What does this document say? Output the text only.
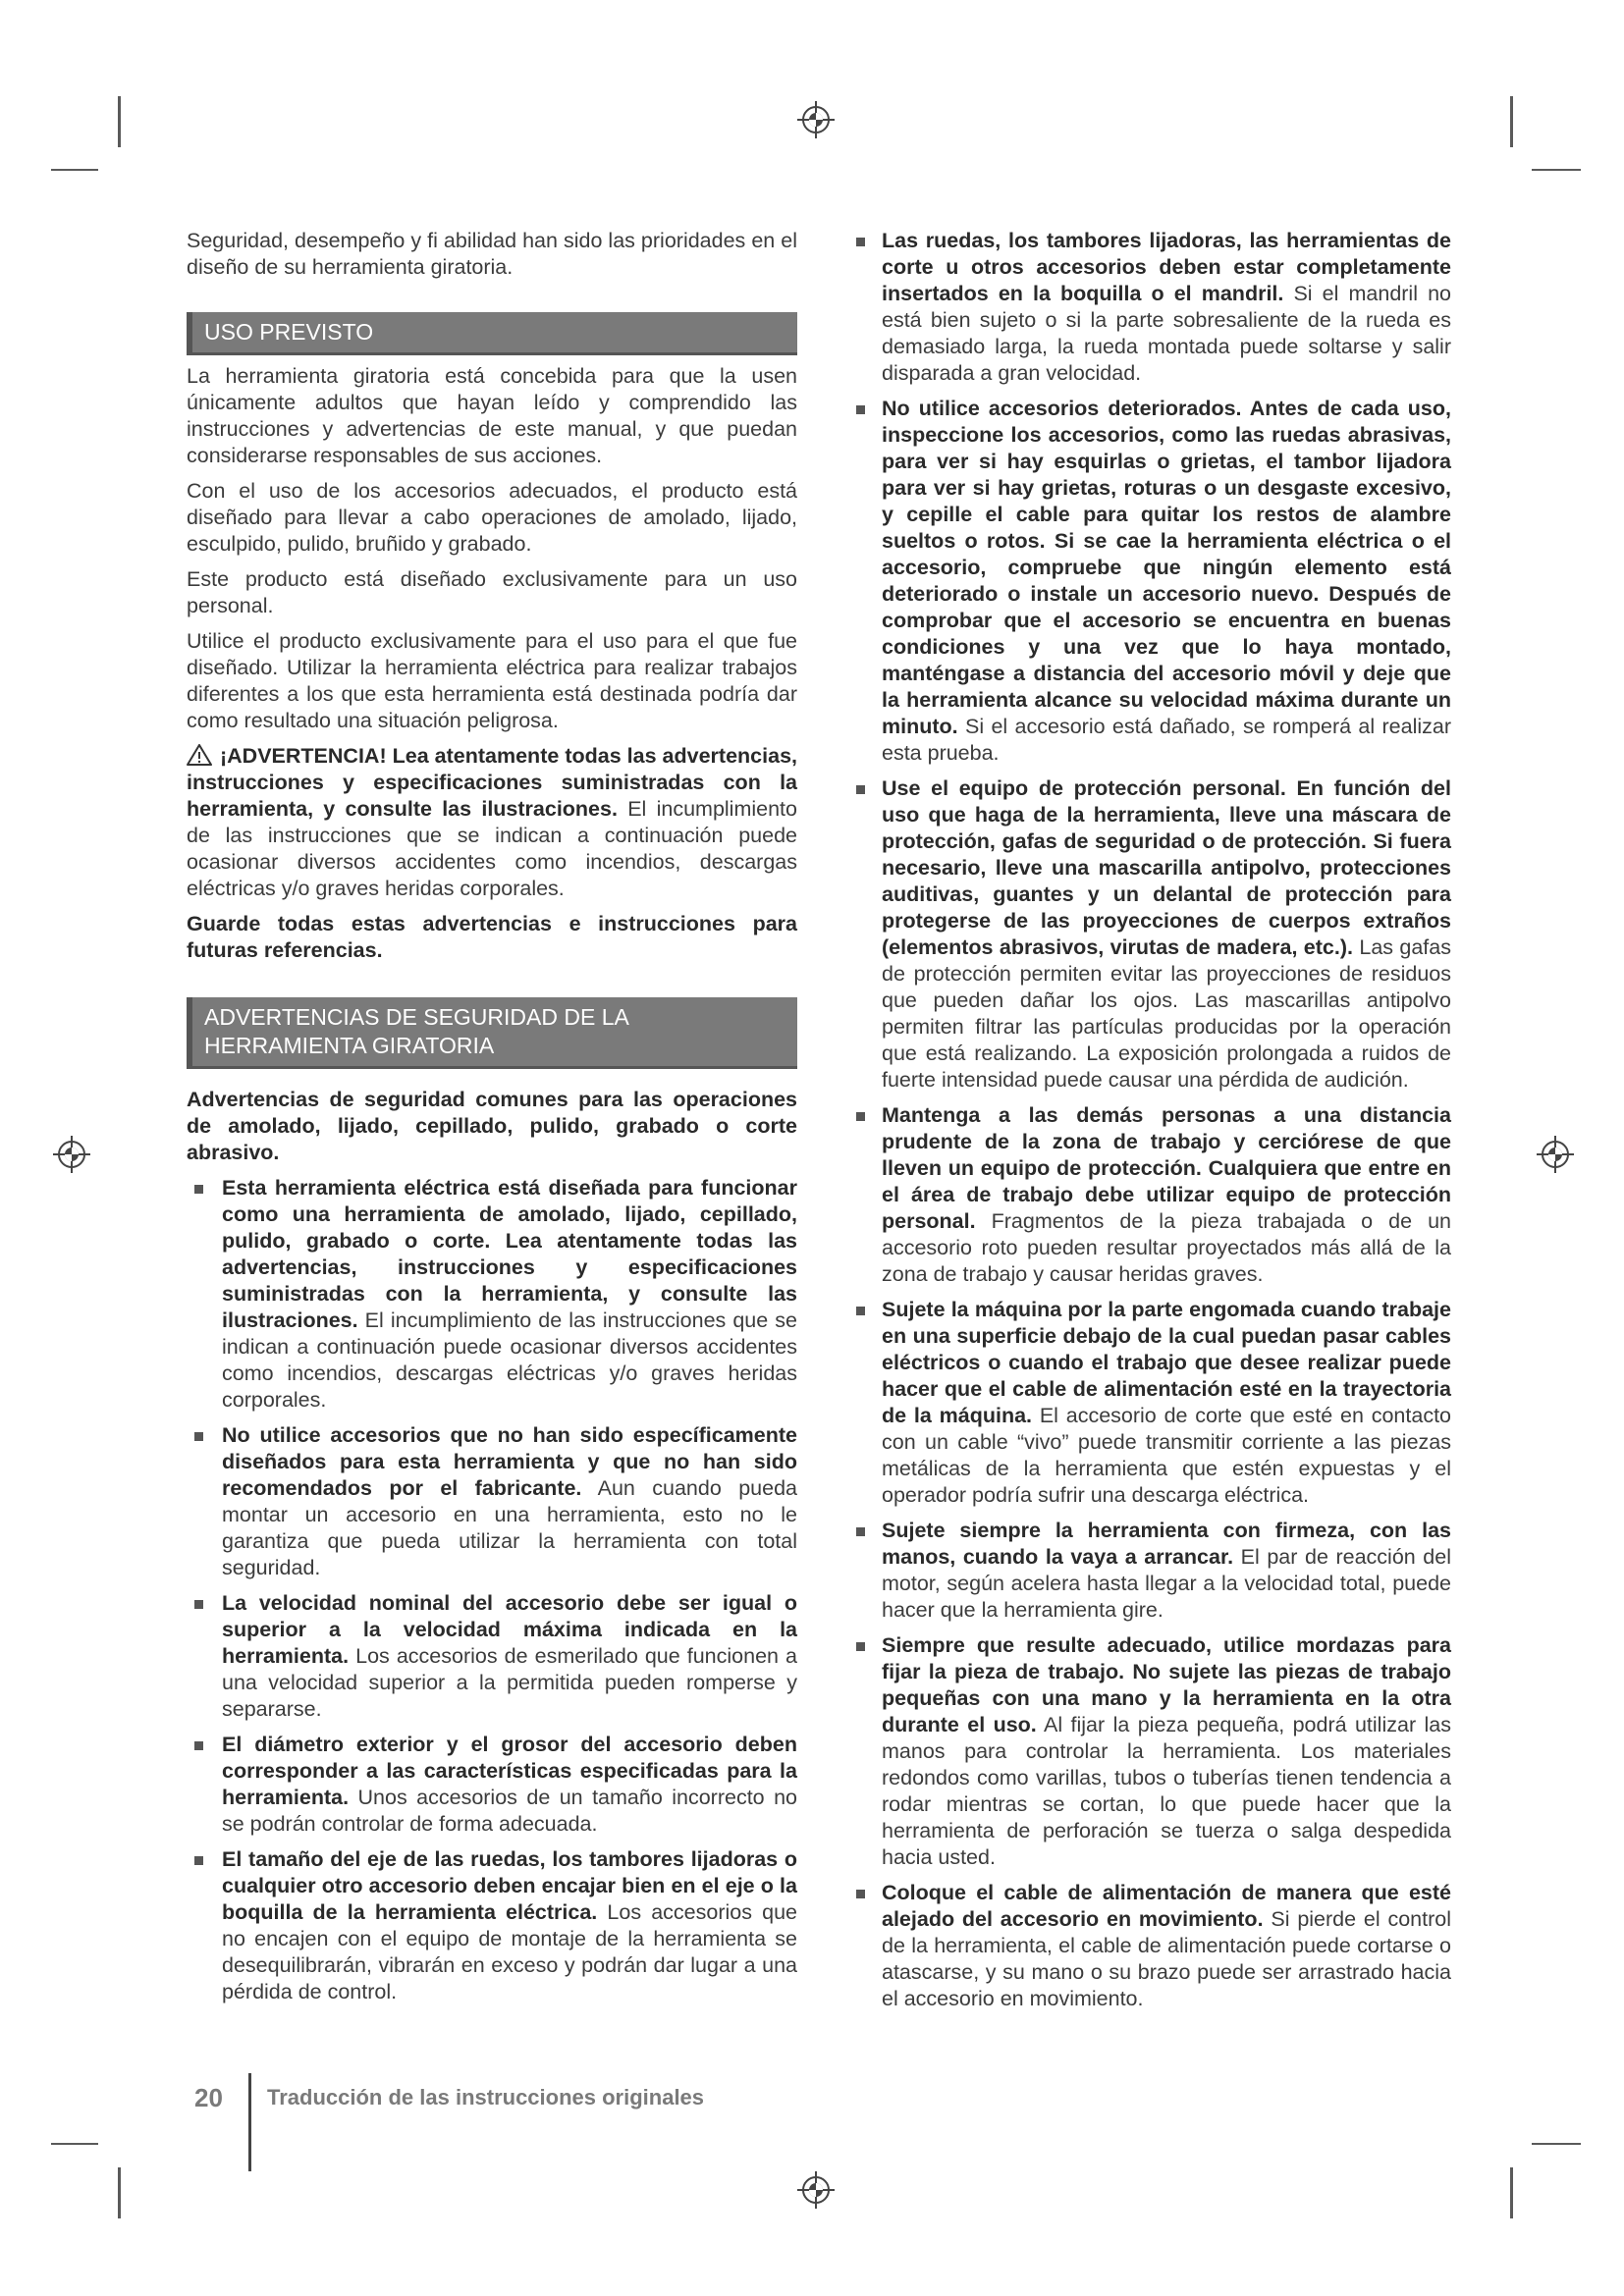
Seguridad, desempeño y fi abilidad han sido las prioridades en el diseño de su herramienta giratoria.

USO PREVISTO

La herramienta giratoria está concebida para que la usen únicamente adultos que hayan leído y comprendido las instrucciones y advertencias de este manual, y que puedan considerarse responsables de sus acciones.

Con el uso de los accesorios adecuados, el producto está diseñado para llevar a cabo operaciones de amolado, lijado, esculpido, pulido, bruñido y grabado.

Este producto está diseñado exclusivamente para un uso personal.

Utilice el producto exclusivamente para el uso para el que fue diseñado. Utilizar la herramienta eléctrica para realizar trabajos diferentes a los que esta herramienta está destinada podría dar como resultado una situación peligrosa.

¡ADVERTENCIA! Lea atentamente todas las advertencias, instrucciones y especificaciones suministradas con la herramienta, y consulte las ilustraciones. El incumplimiento de las instrucciones que se indican a continuación puede ocasionar diversos accidentes como incendios, descargas eléctricas y/o graves heridas corporales.

Guarde todas estas advertencias e instrucciones para futuras referencias.

ADVERTENCIAS DE SEGURIDAD DE LA
HERRAMIENTA GIRATORIA

Advertencias de seguridad comunes para las operaciones de amolado, lijado, cepillado, pulido, grabado o corte abrasivo.

Esta herramienta eléctrica está diseñada para funcionar como una herramienta de amolado, lijado, cepillado, pulido, grabado o corte. Lea atentamente todas las advertencias, instrucciones y especificaciones suministradas con la herramienta, y consulte las ilustraciones. El incumplimiento de las instrucciones que se indican a continuación puede ocasionar diversos accidentes como incendios, descargas eléctricas y/o graves heridas corporales.
No utilice accesorios que no han sido específicamente diseñados para esta herramienta y que no han sido recomendados por el fabricante. Aun cuando pueda montar un accesorio en una herramienta, esto no le garantiza que pueda utilizar la herramienta con total seguridad.
La velocidad nominal del accesorio debe ser igual o superior a la velocidad máxima indicada en la herramienta. Los accesorios de esmerilado que funcionen a una velocidad superior a la permitida pueden romperse y separarse.
El diámetro exterior y el grosor del accesorio deben corresponder a las características especificadas para la herramienta. Unos accesorios de un tamaño incorrecto no se podrán controlar de forma adecuada.
El tamaño del eje de las ruedas, los tambores lijadoras o cualquier otro accesorio deben encajar bien en el eje o la boquilla de la herramienta eléctrica. Los accesorios que no encajen con el equipo de montaje de la herramienta se desequilibrarán, vibrarán en exceso y podrán dar lugar a una pérdida de control.
Las ruedas, los tambores lijadoras, las herramientas de corte u otros accesorios deben estar completamente insertados en la boquilla o el mandril. Si el mandril no está bien sujeto o si la parte sobresaliente de la rueda es demasiado larga, la rueda montada puede soltarse y salir disparada a gran velocidad.
No utilice accesorios deteriorados. Antes de cada uso, inspeccione los accesorios, como las ruedas abrasivas, para ver si hay esquirlas o grietas, el tambor lijadora para ver si hay grietas, roturas o un desgaste excesivo, y cepille el cable para quitar los restos de alambre sueltos o rotos. Si se cae la herramienta eléctrica o el accesorio, compruebe que ningún elemento está deteriorado o instale un accesorio nuevo. Después de comprobar que el accesorio se encuentra en buenas condiciones y una vez que lo haya montado, manténgase a distancia del accesorio móvil y deje que la herramienta alcance su velocidad máxima durante un minuto. Si el accesorio está dañado, se romperá al realizar esta prueba.
Use el equipo de protección personal. En función del uso que haga de la herramienta, lleve una máscara de protección, gafas de seguridad o de protección. Si fuera necesario, lleve una mascarilla antipolvo, protecciones auditivas, guantes y un delantal de protección para protegerse de las proyecciones de cuerpos extraños (elementos abrasivos, virutas de madera, etc.). Las gafas de protección permiten evitar las proyecciones de residuos que pueden dañar los ojos. Las mascarillas antipolvo permiten filtrar las partículas producidas por la operación que está realizando. La exposición prolongada a ruidos de fuerte intensidad puede causar una pérdida de audición.
Mantenga a las demás personas a una distancia prudente de la zona de trabajo y cerciórese de que lleven un equipo de protección. Cualquiera que entre en el área de trabajo debe utilizar equipo de protección personal. Fragmentos de la pieza trabajada o de un accesorio roto pueden resultar proyectados más allá de la zona de trabajo y causar heridas graves.
Sujete la máquina por la parte engomada cuando trabaje en una superficie debajo de la cual puedan pasar cables eléctricos o cuando el trabajo que desee realizar puede hacer que el cable de alimentación esté en la trayectoria de la máquina. El accesorio de corte que esté en contacto con un cable “vivo” puede transmitir corriente a las piezas metálicas de la herramienta que estén expuestas y el operador podría sufrir una descarga eléctrica.
Sujete siempre la herramienta con firmeza, con las manos, cuando la vaya a arrancar. El par de reacción del motor, según acelera hasta llegar a la velocidad total, puede hacer que la herramienta gire.
Siempre que resulte adecuado, utilice mordazas para fijar la pieza de trabajo. No sujete las piezas de trabajo pequeñas con una mano y la herramienta en la otra durante el uso. Al fijar la pieza pequeña, podrá utilizar las manos para controlar la herramienta. Los materiales redondos como varillas, tubos o tuberías tienen tendencia a rodar mientras se cortan, lo que puede hacer que la herramienta de perforación se tuerza o salga despedida hacia usted.
Coloque el cable de alimentación de manera que esté alejado del accesorio en movimiento. Si pierde el control de la herramienta, el cable de alimentación puede cortarse o atascarse, y su mano o su brazo puede ser arrastrado hacia el accesorio en movimiento.
20 Traducción de las instrucciones originales
